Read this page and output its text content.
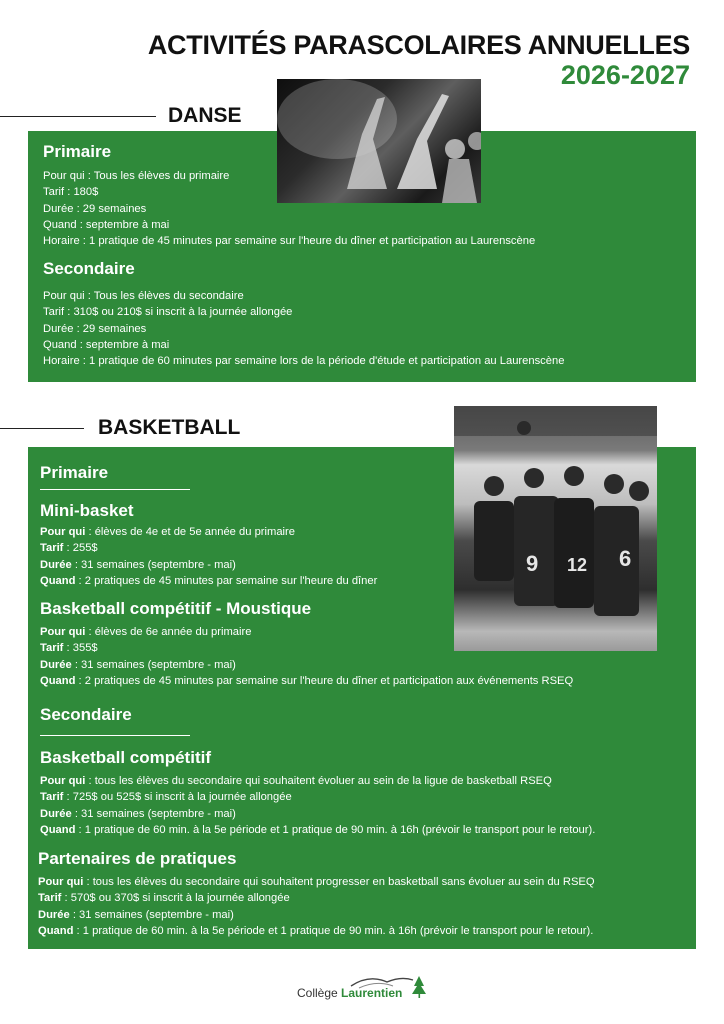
ACTIVITÉS PARASCOLAIRES ANNUELLES
2026-2027
DANSE
Primaire
Pour qui : Tous les élèves du primaire
Tarif : 180$
Durée : 29 semaines
Quand : septembre à mai
Horaire : 1 pratique de 45 minutes par semaine sur l'heure du dîner et participation au Laurenscène
Secondaire
Pour qui : Tous les élèves du secondaire
Tarif : 310$ ou 210$ si inscrit à la journée allongée
Durée : 29 semaines
Quand : septembre à mai
Horaire : 1 pratique de 60 minutes par semaine lors de la période d'étude et participation au Laurenscène
BASKETBALL
9	6
12
Primaire
Mini-basket
Pour qui : élèves de 4e et de 5e année du primaire
Tarif : 255$
Durée : 31 semaines (septembre - mai)
Quand : 2 pratiques de 45 minutes par semaine sur l'heure du dîner
Basketball compétitif - Moustique
Pour qui : élèves de 6e année du primaire
Tarif : 355$
Durée : 31 semaines (septembre - mai)
Quand : 2 pratiques de 45 minutes par semaine sur l'heure du dîner et participation aux événements RSEQ
Secondaire
Basketball compétitif
Pour qui : tous les élèves du secondaire qui souhaitent évoluer au sein de la ligue de basketball RSEQ
Tarif : 725$ ou 525$ si inscrit à la journée allongée
Durée : 31 semaines (septembre - mai)
Quand : 1 pratique de 60 min. à la 5e période et 1 pratique de 90 min. à 16h (prévoir le transport pour le retour).
Partenaires de pratiques
Pour qui : tous les élèves du secondaire qui souhaitent progresser en basketball sans évoluer au sein du RSEQ
Tarif : 570$ ou 370$ si inscrit à la journée allongée
Durée : 31 semaines (septembre - mai)
Quand : 1 pratique de 60 min. à la 5e période et 1 pratique de 90 min. à 16h (prévoir le transport pour le retour).
Collège Laurentien
